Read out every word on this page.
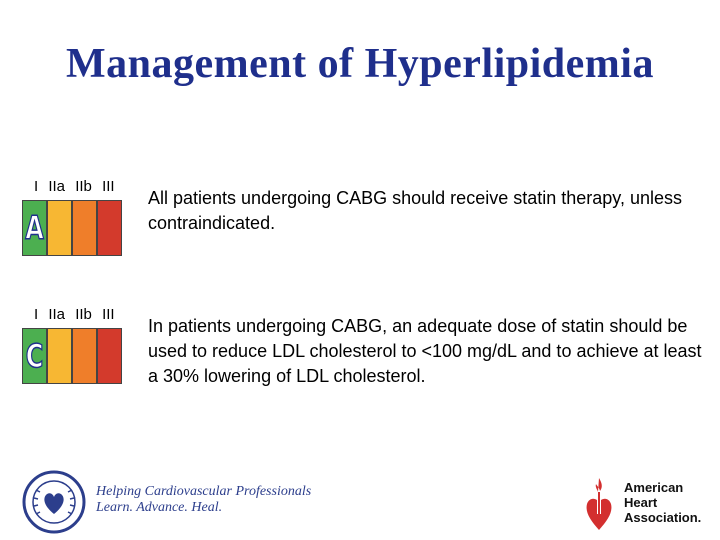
Management of Hyperlipidemia
I IIa IIb III
A
All patients undergoing CABG should receive statin therapy, unless contraindicated.
I IIa IIb III
C
In patients undergoing CABG, an adequate dose of statin should be used to reduce LDL cholesterol to <100 mg/dL and to achieve at least a 30% lowering of LDL cholesterol.
Helping Cardiovascular Professionals
Learn. Advance. Heal.
American
Heart
Association.
